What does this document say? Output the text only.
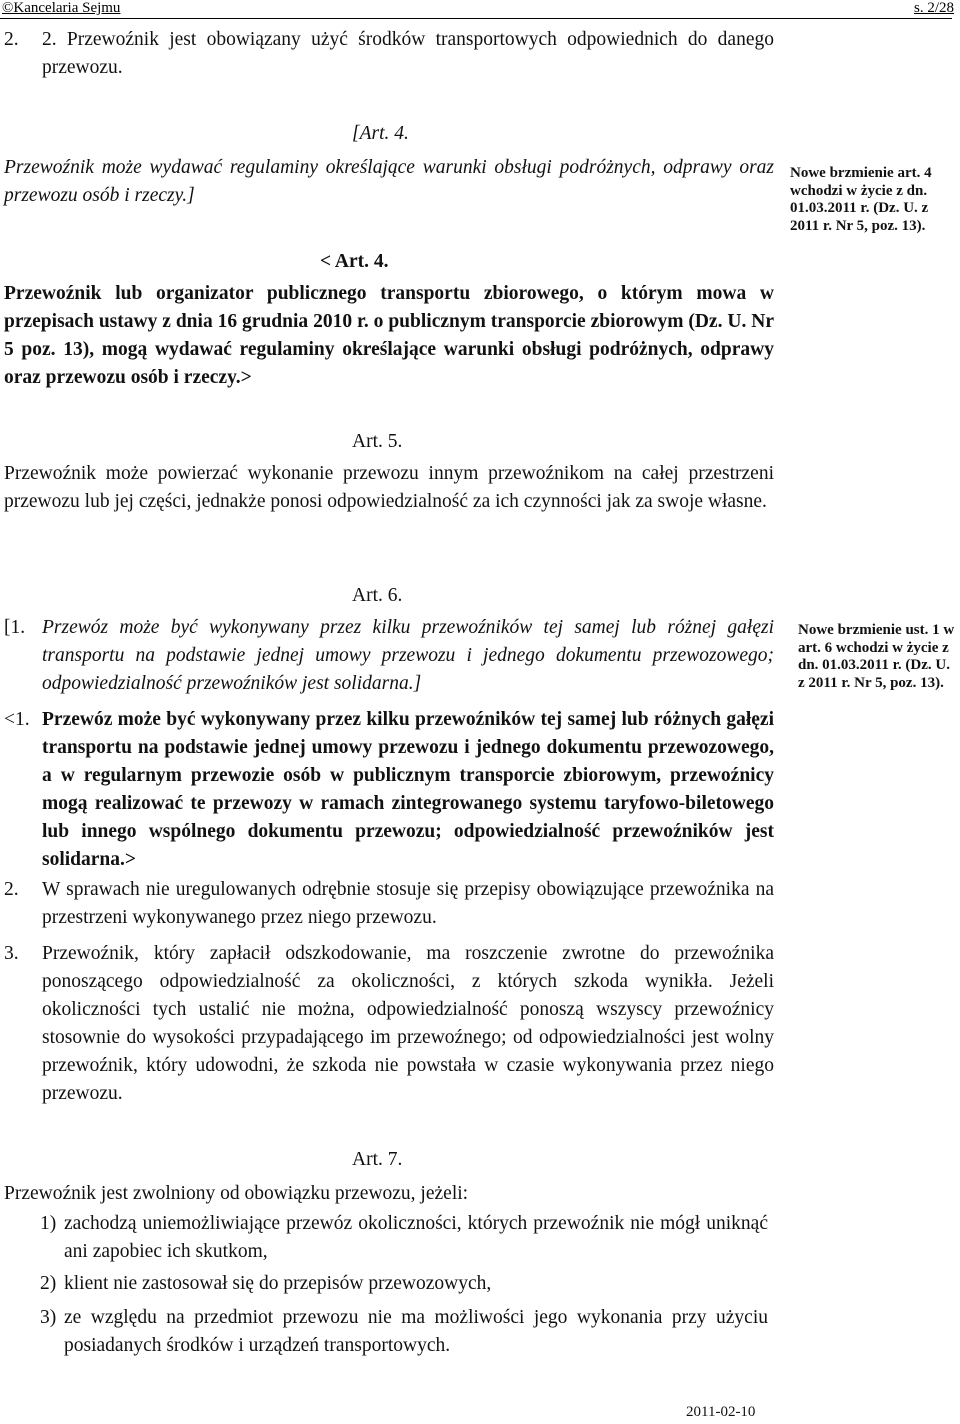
©Kancelaria Sejmu	s. 2/28
2.	2. Przewoźnik jest obowiązany użyć środków transportowych odpowiednich do danego przewozu.
[Art. 4.
Przewoźnik może wydawać regulaminy określające warunki obsługi podróżnych, odprawy oraz przewozu osób i rzeczy.]
< Art. 4.
Przewoźnik lub organizator publicznego transportu zbiorowego, o którym mowa w przepisach ustawy z dnia 16 grudnia 2010 r. o publicznym transporcie zbiorowym (Dz. U. Nr 5 poz. 13), mogą wydawać regulaminy określające warunki obsługi podróżnych, odprawy oraz przewozu osób i rzeczy.>
Nowe brzmienie art. 4 wchodzi w życie z dn. 01.03.2011 r. (Dz. U. z 2011 r. Nr 5, poz. 13).
Art. 5.
Przewoźnik może powierzać wykonanie przewozu innym przewoźnikom na całej przestrzeni przewozu lub jej części, jednakże ponosi odpowiedzialność za ich czynności jak za swoje własne.
Art. 6.
[1. Przewóz może być wykonywany przez kilku przewoźników tej samej lub różnej gałęzi transportu na podstawie jednej umowy przewozu i jednego dokumentu przewozowego; odpowiedzialność przewoźników jest solidarna.]
<1. Przewóz może być wykonywany przez kilku przewoźników tej samej lub różnych gałęzi transportu na podstawie jednej umowy przewozu i jednego dokumentu przewozowego, a w regularnym przewozie osób w publicznym transporcie zbiorowym, przewoźnicy mogą realizować te przewozy w ramach zintegrowanego systemu taryfowo-biletowego lub innego wspólnego dokumentu przewozu; odpowiedzialność przewoźników jest solidarna.>
2.	W sprawach nie uregulowanych odrębnie stosuje się przepisy obowiązujące przewoźnika na przestrzeni wykonywanego przez niego przewozu.
3.	Przewoźnik, który zapłacił odszkodowanie, ma roszczenie zwrotne do przewoźnika ponoszącego odpowiedzialność za okoliczności, z których szkoda wynikła. Jeżeli okoliczności tych ustalić nie można, odpowiedzialność ponoszą wszyscy przewoźnicy stosownie do wysokości przypadającego im przewoźnego; od odpowiedzialności jest wolny przewoźnik, który udowodni, że szkoda nie powstała w czasie wykonywania przez niego przewozu.
Nowe brzmienie ust. 1 w art. 6 wchodzi w życie z dn. 01.03.2011 r. (Dz. U. z 2011 r. Nr 5, poz. 13).
Art. 7.
Przewoźnik jest zwolniony od obowiązku przewozu, jeżeli:
1) zachodzą uniemożliwiające przewóz okoliczności, których przewoźnik nie mógł uniknąć ani zapobiec ich skutkom,
2) klient nie zastosował się do przepisów przewozowych,
3) ze względu na przedmiot przewozu nie ma możliwości jego wykonania przy użyciu posiadanych środków i urządzeń transportowych.
2011-02-10
